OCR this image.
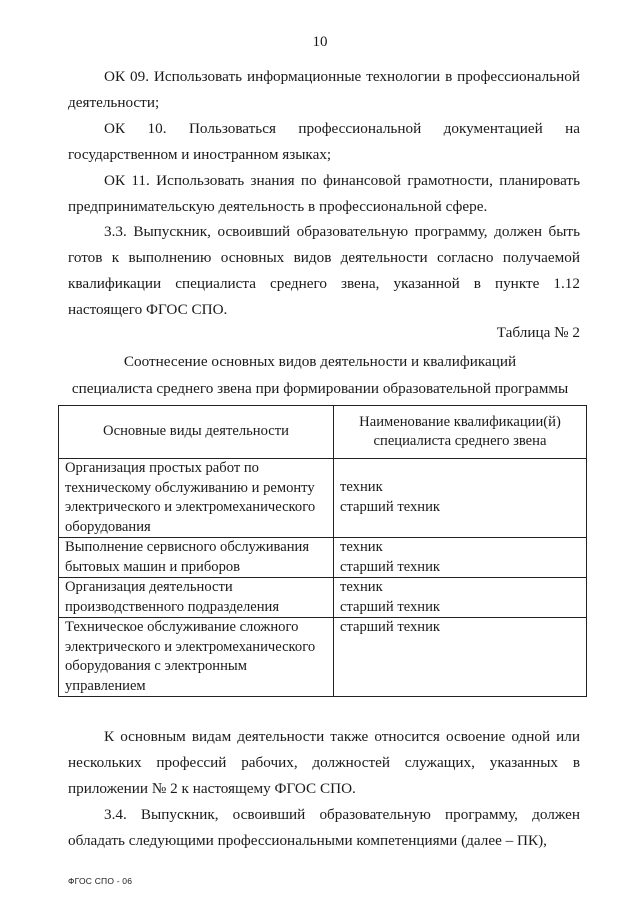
10

ОК 09. Использовать информационные технологии в профессиональной деятельности;

ОК 10. Пользоваться профессиональной документацией на государственном и иностранном языках;

ОК 11. Использовать знания по финансовой грамотности, планировать предпринимательскую деятельность в профессиональной сфере.

3.3. Выпускник, освоивший образовательную программу, должен быть готов к выполнению основных видов деятельности согласно получаемой квалификации специалиста среднего звена, указанной в пункте 1.12 настоящего ФГОС СПО.

Таблица № 2
Соотнесение основных видов деятельности и квалификаций
специалиста среднего звена при формировании образовательной программы
Основные виды деятельности	Наименование квалификации(й)
специалиста среднего звена

Организация простых работ по
техническому обслуживанию и ремонту
электрического и электромеханического
оборудования	техник
старший техник

Выполнение сервисного обслуживания
бытовых машин и приборов	техник
старший техник

Организация деятельности
производственного подразделения	техник
старший техник

Техническое обслуживание сложного
электрического и электромеханического
оборудования с электронным
управлением	старший техник

К основным видам деятельности также относится освоение одной или нескольких профессий рабочих, должностей служащих, указанных в приложении № 2 к настоящему ФГОС СПО.

3.4. Выпускник, освоивший образовательную программу, должен обладать следующими профессиональными компетенциями (далее – ПК),

ФГОС СПО - 06
